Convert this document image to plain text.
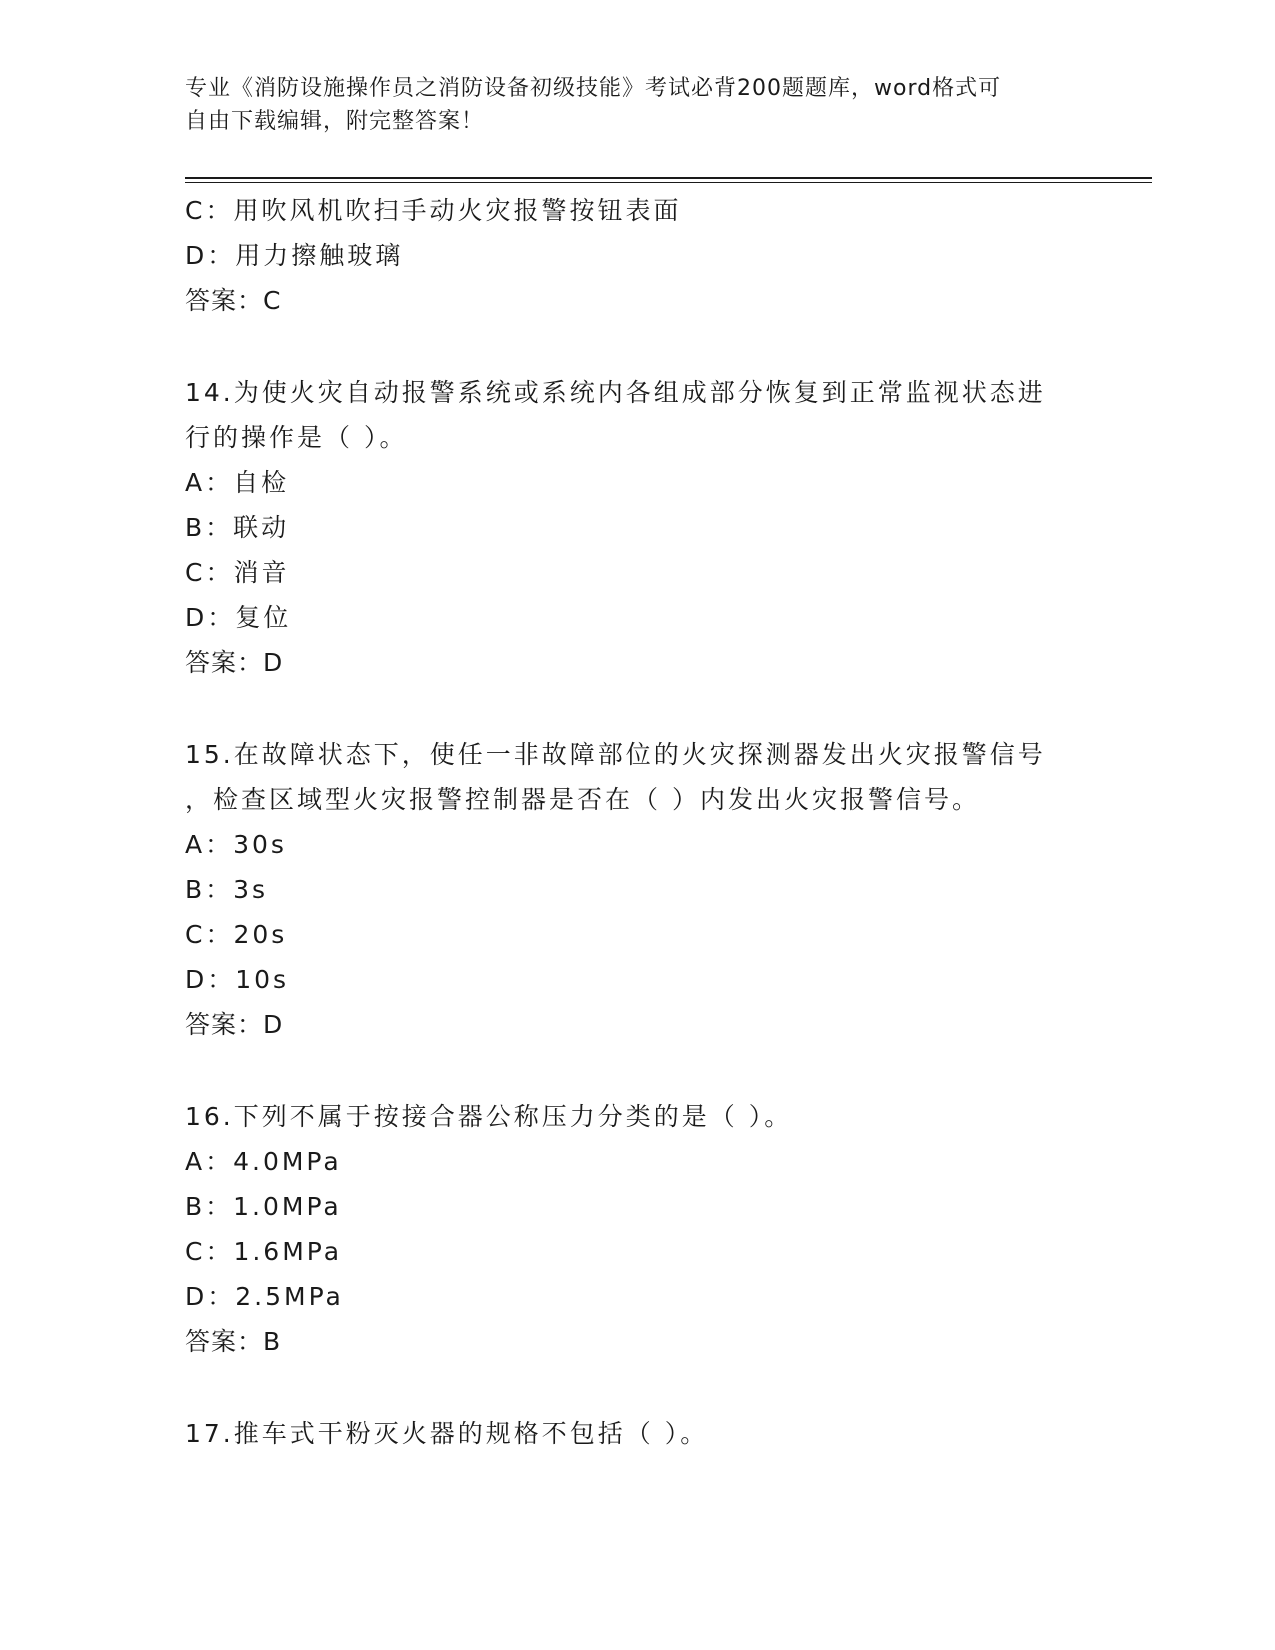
专业《消防设施操作员之消防设备初级技能》考试必背200题题库，word格式可
自由下载编辑，附完整答案！
C：用吹风机吹扫手动火灾报警按钮表面
D：用力擦触玻璃
答案：C
14.为使火灾自动报警系统或系统内各组成部分恢复到正常监视状态进
行的操作是（ ）。
A：自检
B：联动
C：消音
D：复位
答案：D
15.在故障状态下，使任一非故障部位的火灾探测器发出火灾报警信号
，检查区域型火灾报警控制器是否在（ ）内发出火灾报警信号。
A：30s
B：3s
C：20s
D：10s
答案：D
16.下列不属于按接合器公称压力分类的是（ ）。
A：4.0MPa
B：1.0MPa
C：1.6MPa
D：2.5MPa
答案：B
17.推车式干粉灭火器的规格不包括（ ）。
